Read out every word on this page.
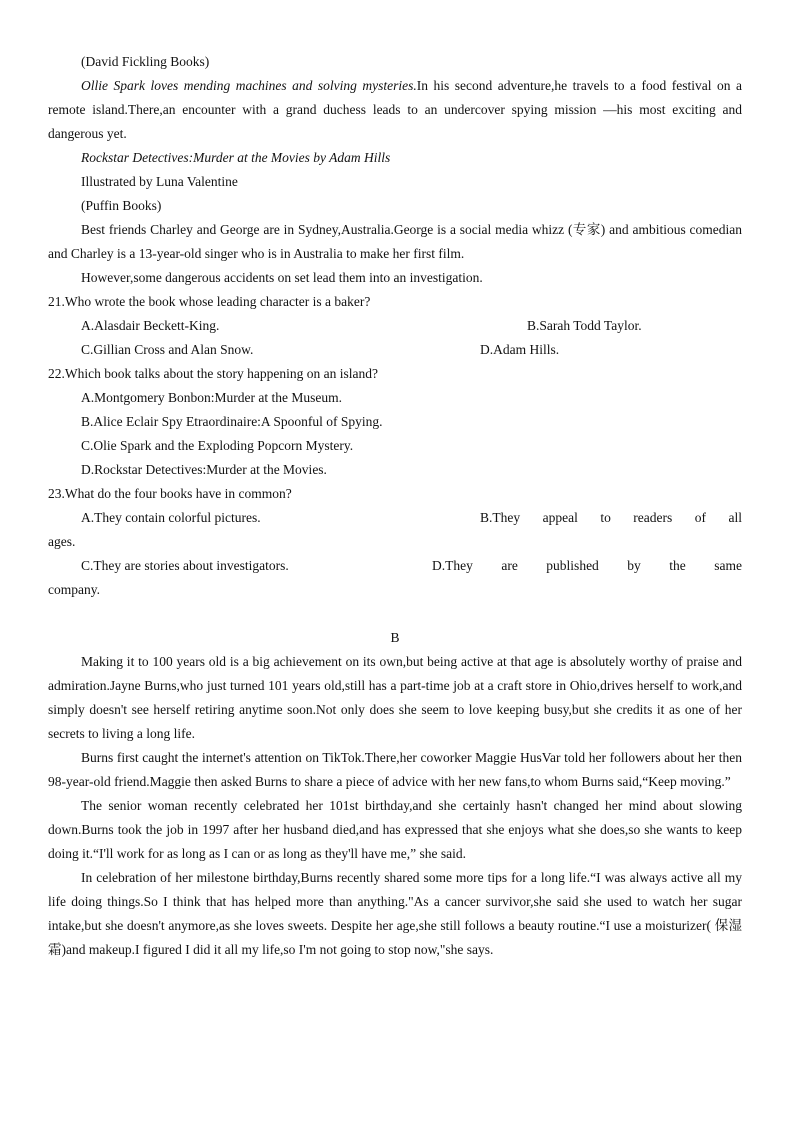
(David Fickling Books)

Ollie Spark loves mending machines and solving mysteries.In his second adventure,he travels to a food festival on a remote island.There,an encounter with a grand duchess leads to an undercover spying mission —his most exciting and dangerous yet.

Rockstar Detectives:Murder at the Movies by Adam Hills
Illustrated by Luna Valentine
(Puffin Books)

Best friends Charley and George are in Sydney,Australia.George is a social media whizz (专家) and ambitious comedian and Charley is a 13-year-old singer who is in Australia to make her first film.

However,some dangerous accidents on set lead them into an investigation.
21.Who wrote the book whose leading character is a baker?
A.Alasdair Beckett-King.	B.Sarah Todd Taylor.
C.Gillian Cross and Alan Snow.	D.Adam Hills.
22.Which book talks about the story happening on an island?
A.Montgomery Bonbon:Murder at the Museum.
B.Alice Eclair Spy Etraordinaire:A Spoonful of Spying.
C.Olie Spark and the Exploding Popcorn Mystery.
D.Rockstar Detectives:Murder at the Movies.
23.What do the four books have in common?
A.They contain colorful pictures.	B.They appeal to readers of all
ages.
C.They are stories about investigators.	D.They are published by the same
company.

B

Making it to 100 years old is a big achievement on its own,but being active at that age is absolutely worthy of praise and admiration.Jayne Burns,who just turned 101 years old,still has a part-time job at a craft store in Ohio,drives herself to work,and simply doesn't see herself retiring anytime soon.Not only does she seem to love keeping busy,but she credits it as one of her secrets to living a long life.

Burns first caught the internet's attention on TikTok.There,her coworker Maggie HusVar told her followers about her then 98-year-old friend.Maggie then asked Burns to share a piece of advice with her new fans,to whom Burns said,“Keep moving.”

The senior woman recently celebrated her 101st birthday,and she certainly hasn't changed her mind about slowing down.Burns took the job in 1997 after her husband died,and has expressed that she enjoys what she does,so she wants to keep doing it.“I'll work for as long as I can or as long as they'll have me,” she said.

In celebration of her milestone birthday,Burns recently shared some more tips for a long life.“I was always active all my life doing things.So I think that has helped more than anything."As a cancer survivor,she said she used to watch her sugar intake,but she doesn't anymore,as she loves sweets. Despite her age,she still follows a beauty routine.“I use a moisturizer( 保湿霜)and makeup.I figured I did it all my life,so I'm not going to stop now,"she says.
